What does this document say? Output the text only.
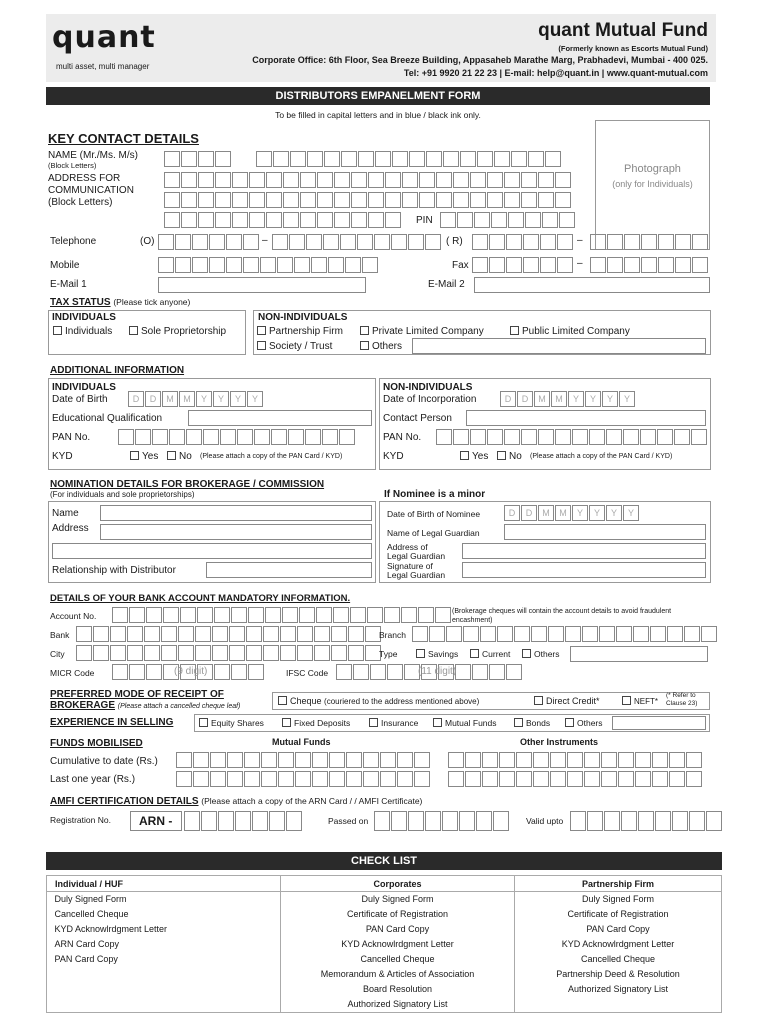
quant
multi asset, multi manager
quant Mutual Fund
(Formerly known as Escorts Mutual Fund)
Corporate Office: 6th Floor, Sea Breeze Building, Appasaheb Marathe Marg, Prabhadevi, Mumbai - 400 025.
Tel: +91 9920 21 22 23 | E-mail: help@quant.in | www.quant-mutual.com
DISTRIBUTORS EMPANELMENT FORM
To be filled in capital letters and in blue / black ink only.
Photograph
(only for Individuals)
KEY CONTACT DETAILS
NAME (Mr./Ms. M/s)
(Block Letters)
ADDRESS FOR
COMMUNICATION
(Block Letters)
PIN
Telephone	(O)	–	( R)	–
Mobile	Fax	–
E-Mail 1	E-Mail 2
TAX STATUS (Please tick anyone)
INDIVIDUALS	NON-INDIVIDUALS
Individuals	Sole Proprietorship	Partnership Firm	Private Limited Company	Public Limited Company
Society / Trust	Others
ADDITIONAL INFORMATION
INDIVIDUALS	NON-INDIVIDUALS
Date of Birth	D	D	M	M	Y	Y	Y	Y	Date of Incorporation	D	D	M	M	Y	Y	Y	Y
Educational Qualification	Contact Person
PAN No.	PAN No.
KYD	Yes	No (Please attach a copy of the PAN Card / KYD)	KYD	Yes	No (Please attach a copy of the PAN Card / KYD)
NOMINATION DETAILS FOR BROKERAGE / COMMISSION
(For individuals and sole proprietorships)	If Nominee is a minor
Name
Address
Relationship with Distributor
Date of Birth of Nominee	D	D	M	M	Y	Y	Y	Y
Name of Legal Guardian
Address of
Legal Guardian
Signature of
Legal Guardian
DETAILS OF YOUR BANK ACCOUNT MANDATORY INFORMATION.
Account No.	(Brokerage cheques will contain the account details to avoid fraudulent encashment)
Bank	Branch
City	Type	Savings	Current	Others
MICR Code	(9 digit)	IFSC Code	(11 digit)
PREFERRED MODE OF RECEIPT OF
BROKERAGE (Please attach a cancelled cheque leaf)
Cheque (couriered to the address mentioned above)	Direct Credit*	NEFT*
(* Refer to Clause 23)
EXPERIENCE IN SELLING	Equity Shares	Fixed Deposits	Insurance	Mutual Funds	Bonds	Others
FUNDS MOBILISED	Mutual Funds	Other Instruments
Cumulative to date (Rs.)
Last one year (Rs.)
AMFI CERTIFICATION DETAILS (Please attach a copy of the ARN Card / / AMFI Certificate)
Registration No.	ARN -	Passed on	Valid upto
CHECK LIST
Individual / HUF	Corporates	Partnership Firm
Duly Signed Form	Duly Signed Form	Duly Signed Form
Cancelled Cheque	Certificate of Registration	Certificate of Registration
KYD Acknowlrdgment Letter	PAN Card Copy	PAN Card Copy
ARN Card Copy	KYD Acknowlrdgment Letter	KYD Acknowlrdgment Letter
PAN Card Copy	Cancelled Cheque	Cancelled Cheque
	Memorandum & Articles of Association	Partnership Deed & Resolution
	Board Resolution	Authorized Signatory List
	Authorized Signatory List	
